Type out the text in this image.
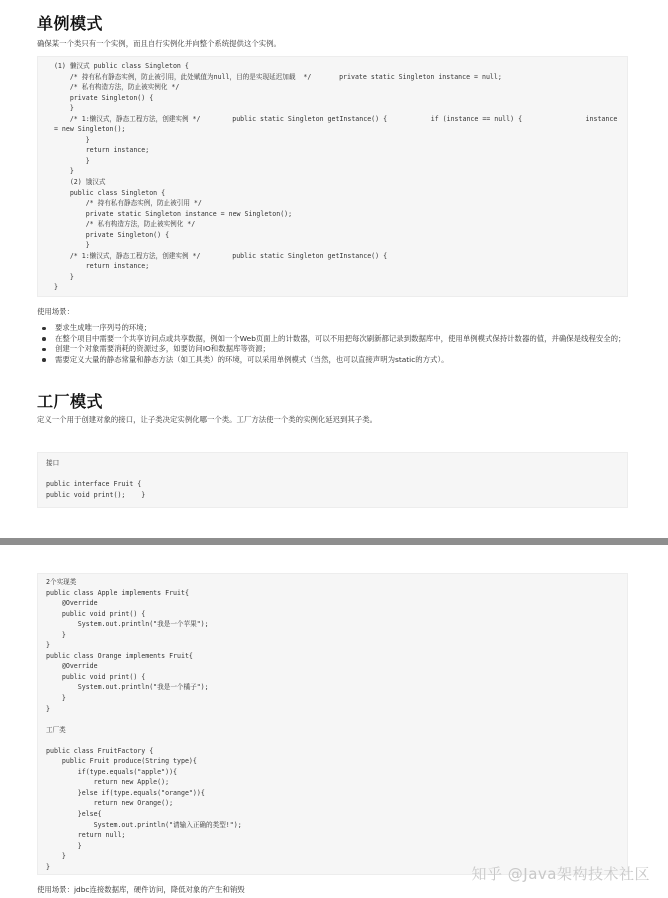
单例模式

确保某一个类只有一个实例，而且自行实例化并向整个系统提供这个实例。

(1) 懒汉式 public class Singleton {
/* 持有私有静态实例，防止被引用，此处赋值为null，目的是实现延迟加载  */       private static Singleton instance = null;
/* 私有构造方法，防止被实例化 */
private Singleton() {
}
/* 1:懒汉式，静态工程方法，创建实例 */        public static Singleton getInstance() {           if (instance == null) {                instance
= new Singleton();
}
return instance;
}
}
(2) 饿汉式
public class Singleton {
/* 持有私有静态实例，防止被引用 */
private static Singleton instance = new Singleton();
/* 私有构造方法，防止被实例化 */
private Singleton() {
}
/* 1:懒汉式，静态工程方法，创建实例 */        public static Singleton getInstance() {
return instance;
}
}

使用场景：

要求生成唯一序列号的环境；
在整个项目中需要一个共享访问点或共享数据，例如一个Web页面上的计数器，可以不用把每次刷新都记录到数据库中，使用单例模式保持计数器的值，并确保是线程安全的；
创建一个对象需要消耗的资源过多，如要访问IO和数据库等资源；
需要定义大量的静态常量和静态方法（如工具类）的环境，可以采用单例模式（当然，也可以直接声明为static的方式）。
工厂模式

定义一个用于创建对象的接口，让子类决定实例化哪一个类。工厂方法使一个类的实例化延迟到其子类。

接口
public interface Fruit {
public void print();    }
2个实现类
public class Apple implements Fruit{
@Override
public void print() {
System.out.println("我是一个苹果");
}
}
public class Orange implements Fruit{
@Override
public void print() {
System.out.println("我是一个橘子");
}
}
工厂类
public class FruitFactory {
public Fruit produce(String type){
if(type.equals("apple")){
return new Apple();
}else if(type.equals("orange")){
return new Orange();
}else{
System.out.println("请输入正确的类型!");
return null;
}
}
}

使用场景：jdbc连接数据库，硬件访问，降低对象的产生和销毁

知乎 @Java架构技术社区
